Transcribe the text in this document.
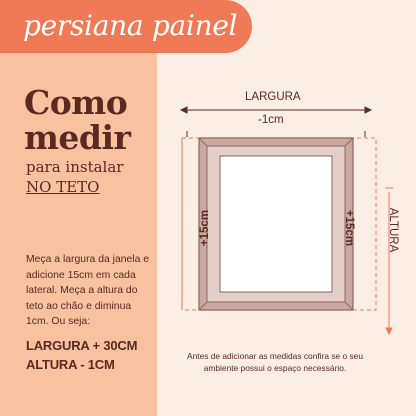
persiana painel
Como
medir
para instalar
NO TETO
Meça a largura da janela e adicione 15cm em cada lateral. Meça a altura do teto ao chão e diminua 1cm. Ou seja:
LARGURA + 30CM
ALTURA - 1CM
LARGURA
-1cm
+15cm	+15cm	ALTURA
Antes de adicionar as medidas confira se o seu ambiente possui o espaço necessário.
